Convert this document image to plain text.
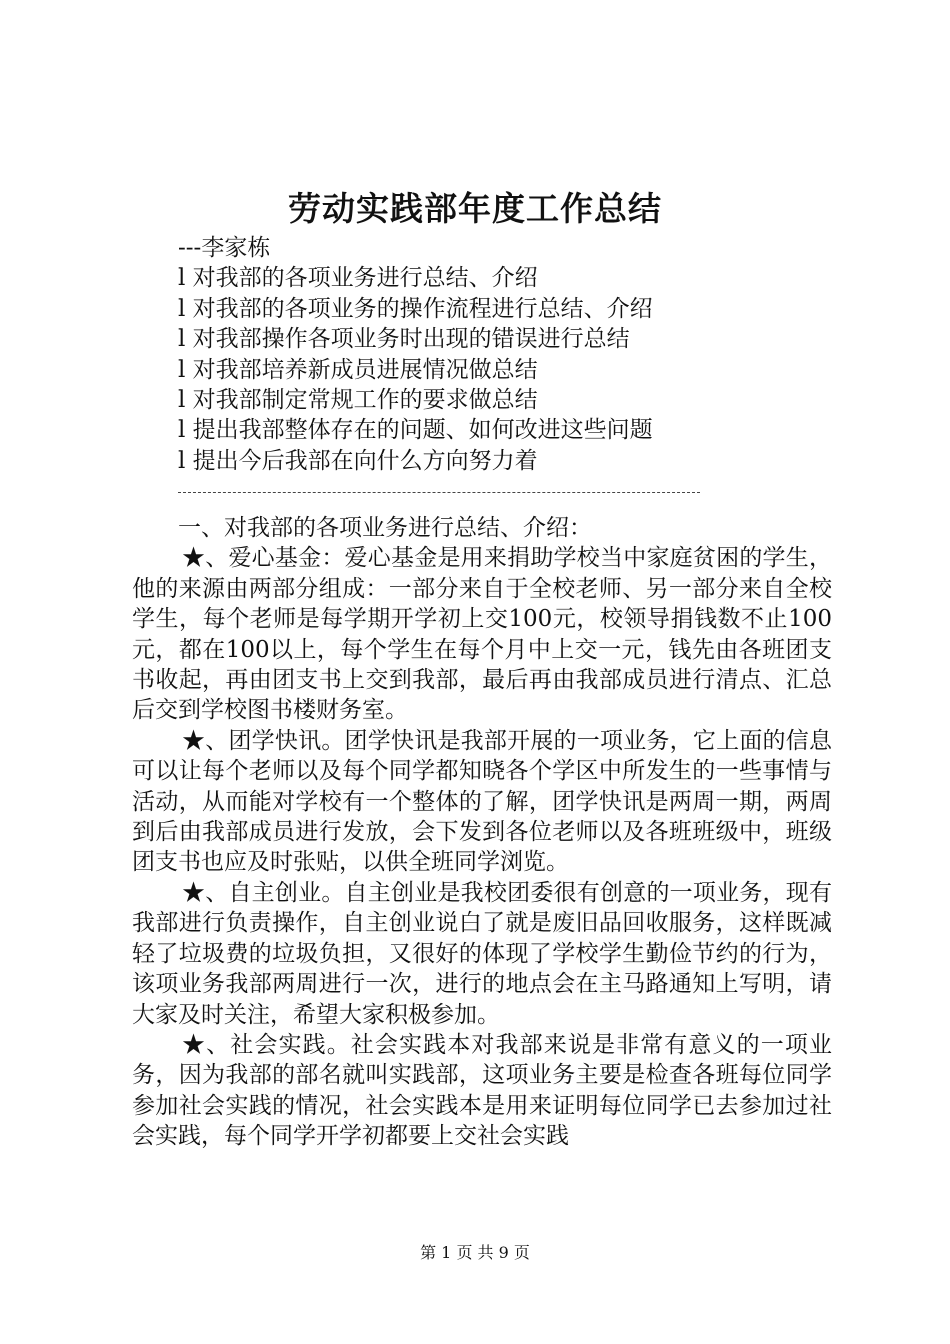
劳动实践部年度工作总结
---李家栋
l 对我部的各项业务进行总结、介绍
l 对我部的各项业务的操作流程进行总结、介绍
l 对我部操作各项业务时出现的错误进行总结
l 对我部培养新成员进展情况做总结
l 对我部制定常规工作的要求做总结
l 提出我部整体存在的问题、如何改进这些问题
l 提出今后我部在向什么方向努力着

一、对我部的各项业务进行总结、介绍：

★、爱心基金：爱心基金是用来捐助学校当中家庭贫困的学生，他的来源由两部分组成：一部分来自于全校老师、另一部分来自全校学生，每个老师是每学期开学初上交100元，校领导捐钱数不止100元，都在100以上，每个学生在每个月中上交一元，钱先由各班团支书收起，再由团支书上交到我部，最后再由我部成员进行清点、汇总后交到学校图书楼财务室。

★、团学快讯。团学快讯是我部开展的一项业务，它上面的信息可以让每个老师以及每个同学都知晓各个学区中所发生的一些事情与活动，从而能对学校有一个整体的了解，团学快讯是两周一期，两周到后由我部成员进行发放，会下发到各位老师以及各班班级中，班级团支书也应及时张贴，以供全班同学浏览。

★、自主创业。自主创业是我校团委很有创意的一项业务，现有我部进行负责操作，自主创业说白了就是废旧品回收服务，这样既减轻了垃圾费的垃圾负担，又很好的体现了学校学生勤俭节约的行为，该项业务我部两周进行一次，进行的地点会在主马路通知上写明，请大家及时关注，希望大家积极参加。

★、社会实践。社会实践本对我部来说是非常有意义的一项业务，因为我部的部名就叫实践部，这项业务主要是检查各班每位同学参加社会实践的情况，社会实践本是用来证明每位同学已去参加过社会实践，每个同学开学初都要上交社会实践

第 1 页 共 9 页
